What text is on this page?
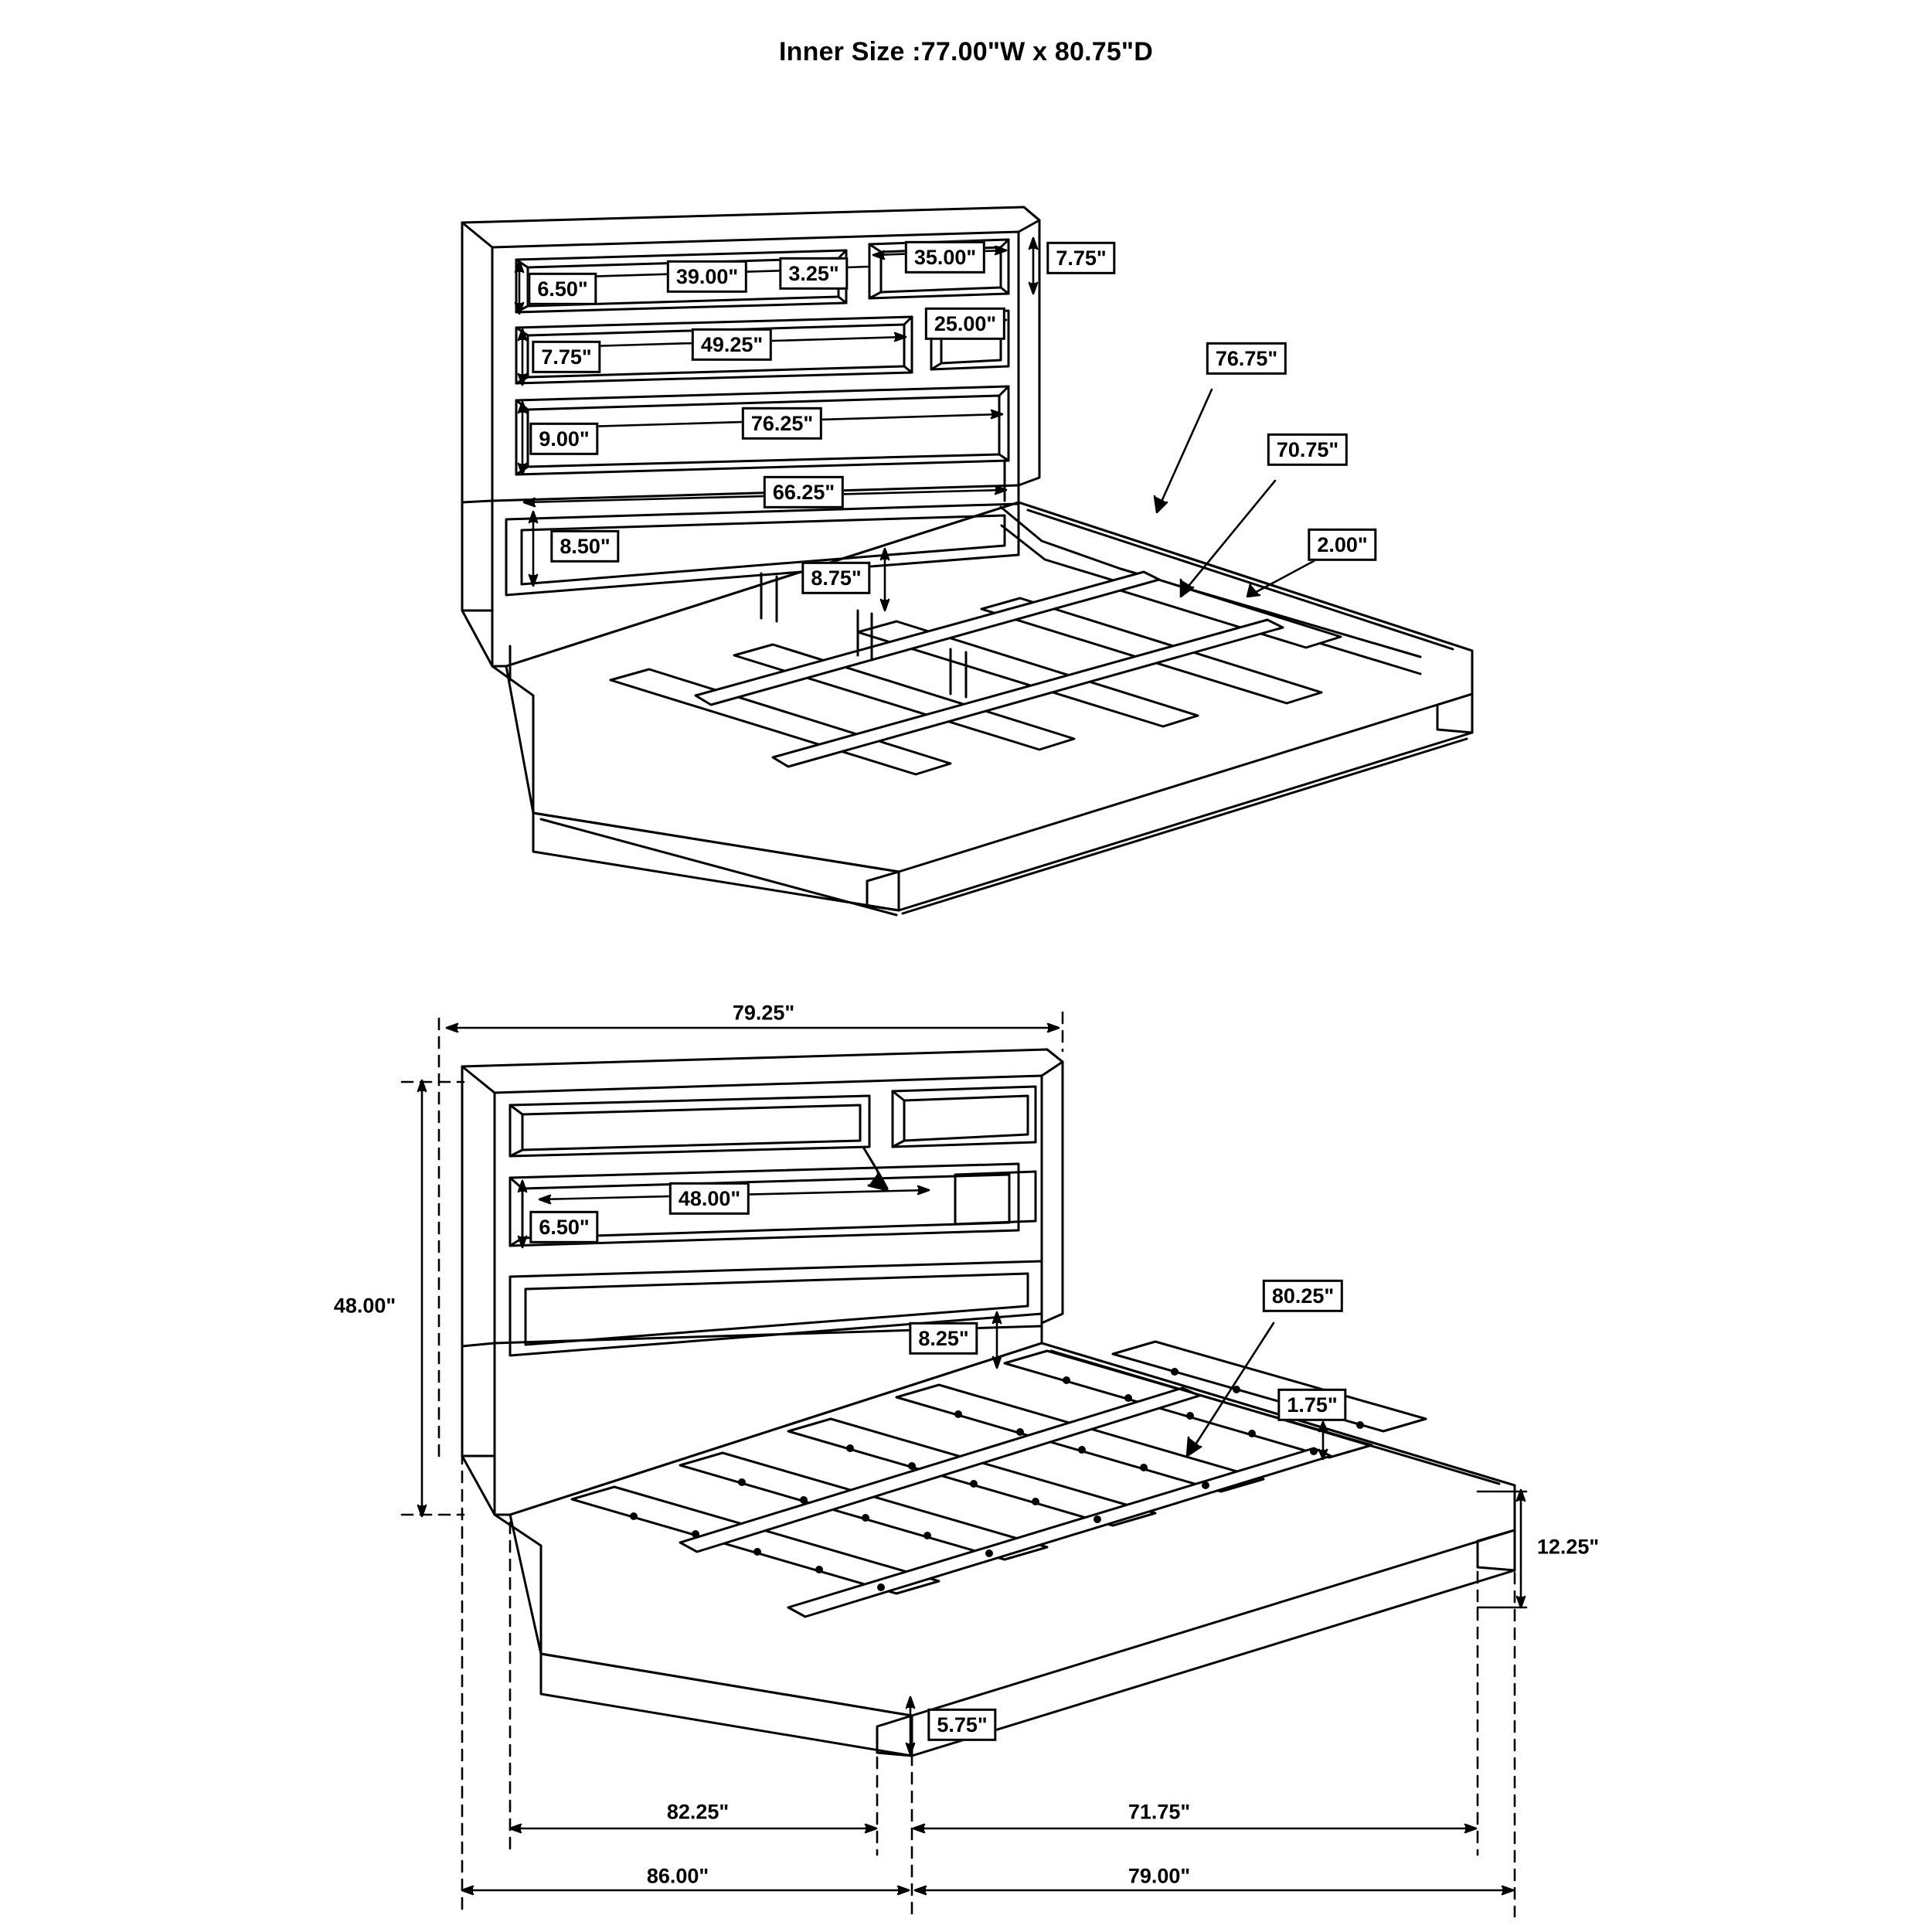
Inner Size :77.00"W x 80.75"D
6.50"
39.00"	3.25"
35.00"	7.75"
25.00"
7.75"
49.25"
9.00"
76.25"
66.25"
8.50"
8.75"
76.75"
70.75"
2.00"
79.25"
48.00"
6.50"
48.00"
8.25"
80.25"
1.75"
12.25"
5.75"
82.25"	71.75"
86.00"	79.00"
